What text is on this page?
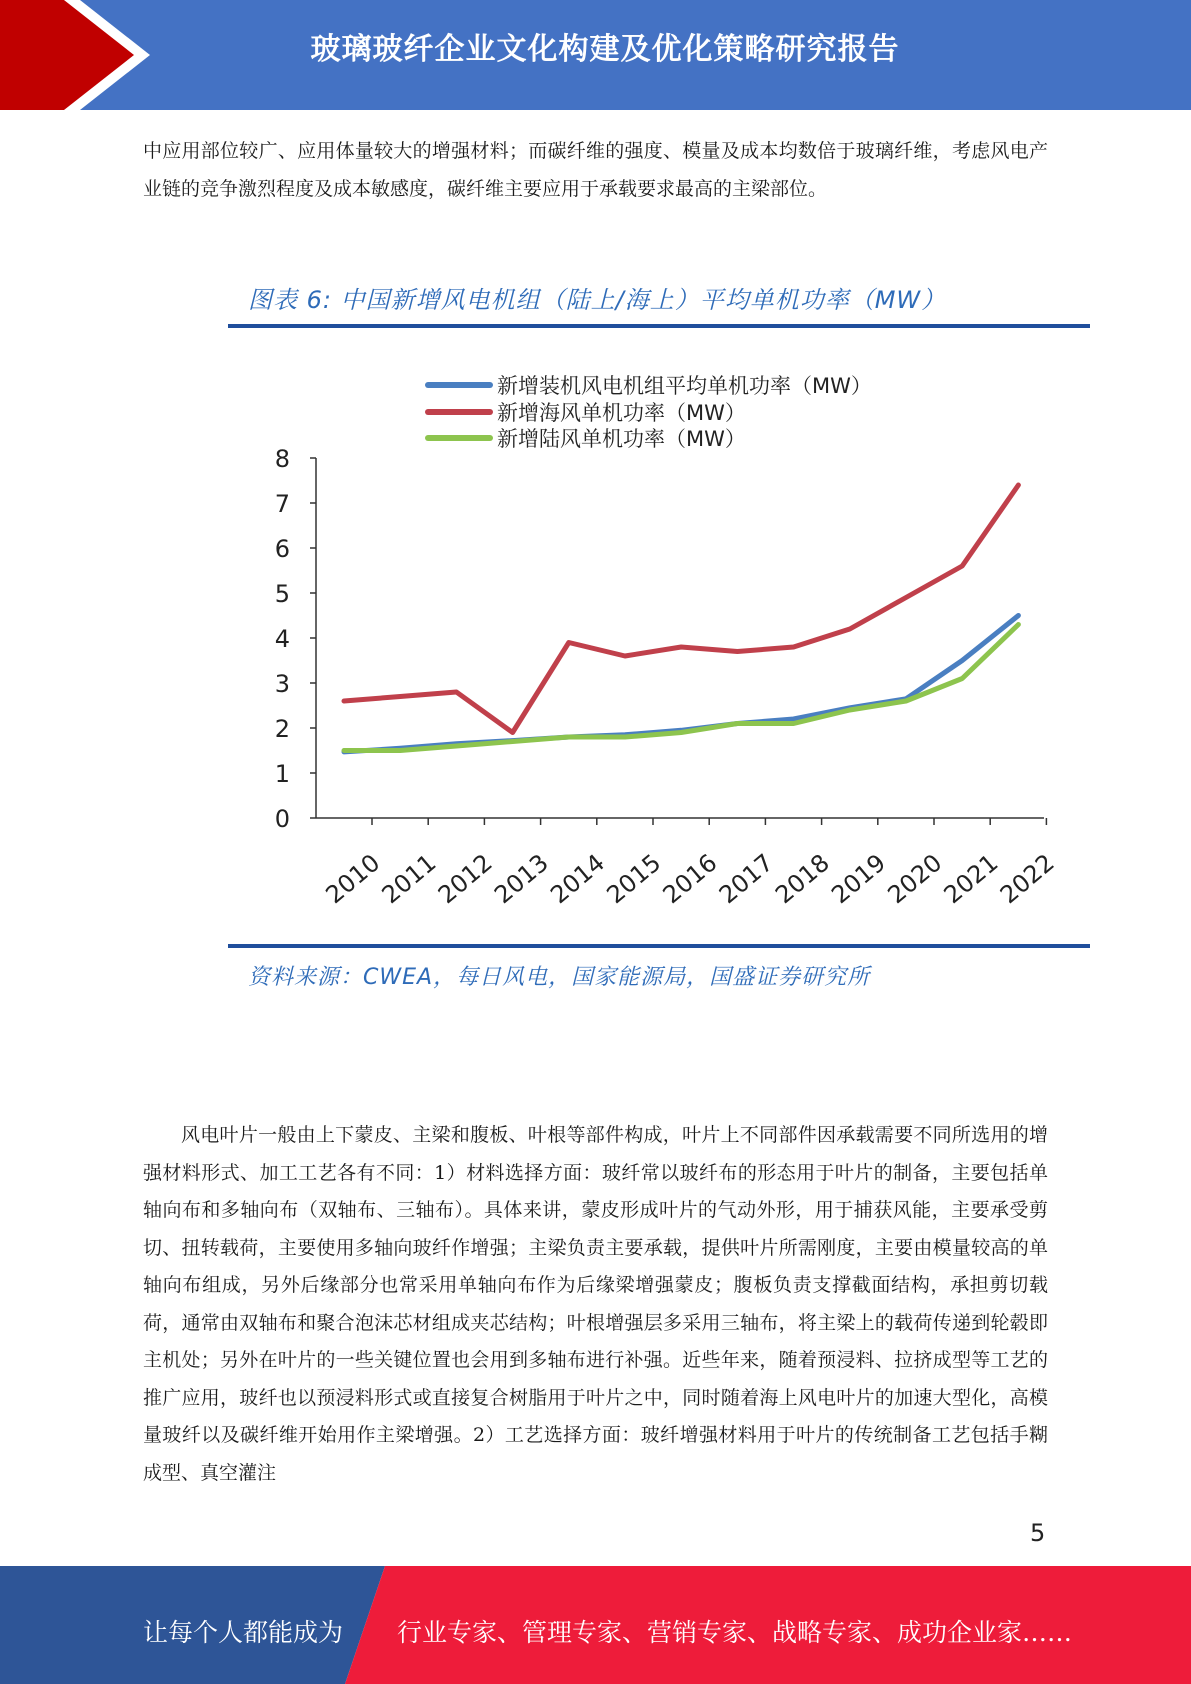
玻璃玻纤企业文化构建及优化策略研究报告

中应用部位较广、应用体量较大的增强材料；而碳纤维的强度、模量及成本均数倍于玻璃纤维，考虑风电产业链的竞争激烈程度及成本敏感度，碳纤维主要应用于承载要求最高的主梁部位。

图表 6: 中国新增风电机组（陆上/海上）平均单机功率（MW）
新增装机风电机组平均单机功率（MW）
新增海风单机功率（MW）
新增陆风单机功率（MW）
0
1
2
3
4
5
6
7
8
2010
2011
2012
2013
2014
2015
2016
2017
2018
2019
2020
2021
2022
资料来源：CWEA，每日风电，国家能源局，国盛证券研究所

风电叶片一般由上下蒙皮、主梁和腹板、叶根等部件构成，叶片上不同部件因承载需要不同所选用的增强材料形式、加工工艺各有不同：1）材料选择方面：玻纤常以玻纤布的形态用于叶片的制备，主要包括单轴向布和多轴向布（双轴布、三轴布）。具体来讲，蒙皮形成叶片的气动外形，用于捕获风能，主要承受剪切、扭转载荷，主要使用多轴向玻纤作增强；主梁负责主要承载，提供叶片所需刚度，主要由模量较高的单轴向布组成，另外后缘部分也常采用单轴向布作为后缘梁增强蒙皮；腹板负责支撑截面结构，承担剪切载荷，通常由双轴布和聚合泡沫芯材组成夹芯结构；叶根增强层多采用三轴布，将主梁上的载荷传递到轮毂即主机处；另外在叶片的一些关键位置也会用到多轴布进行补强。近些年来，随着预浸料、拉挤成型等工艺的推广应用，玻纤也以预浸料形式或直接复合树脂用于叶片之中，同时随着海上风电叶片的加速大型化，高模量玻纤以及碳纤维开始用作主梁增强。2）工艺选择方面：玻纤增强材料用于叶片的传统制备工艺包括手糊成型、真空灌注

5
让每个人都能成为 行业专家、管理专家、营销专家、战略专家、成功企业家……
